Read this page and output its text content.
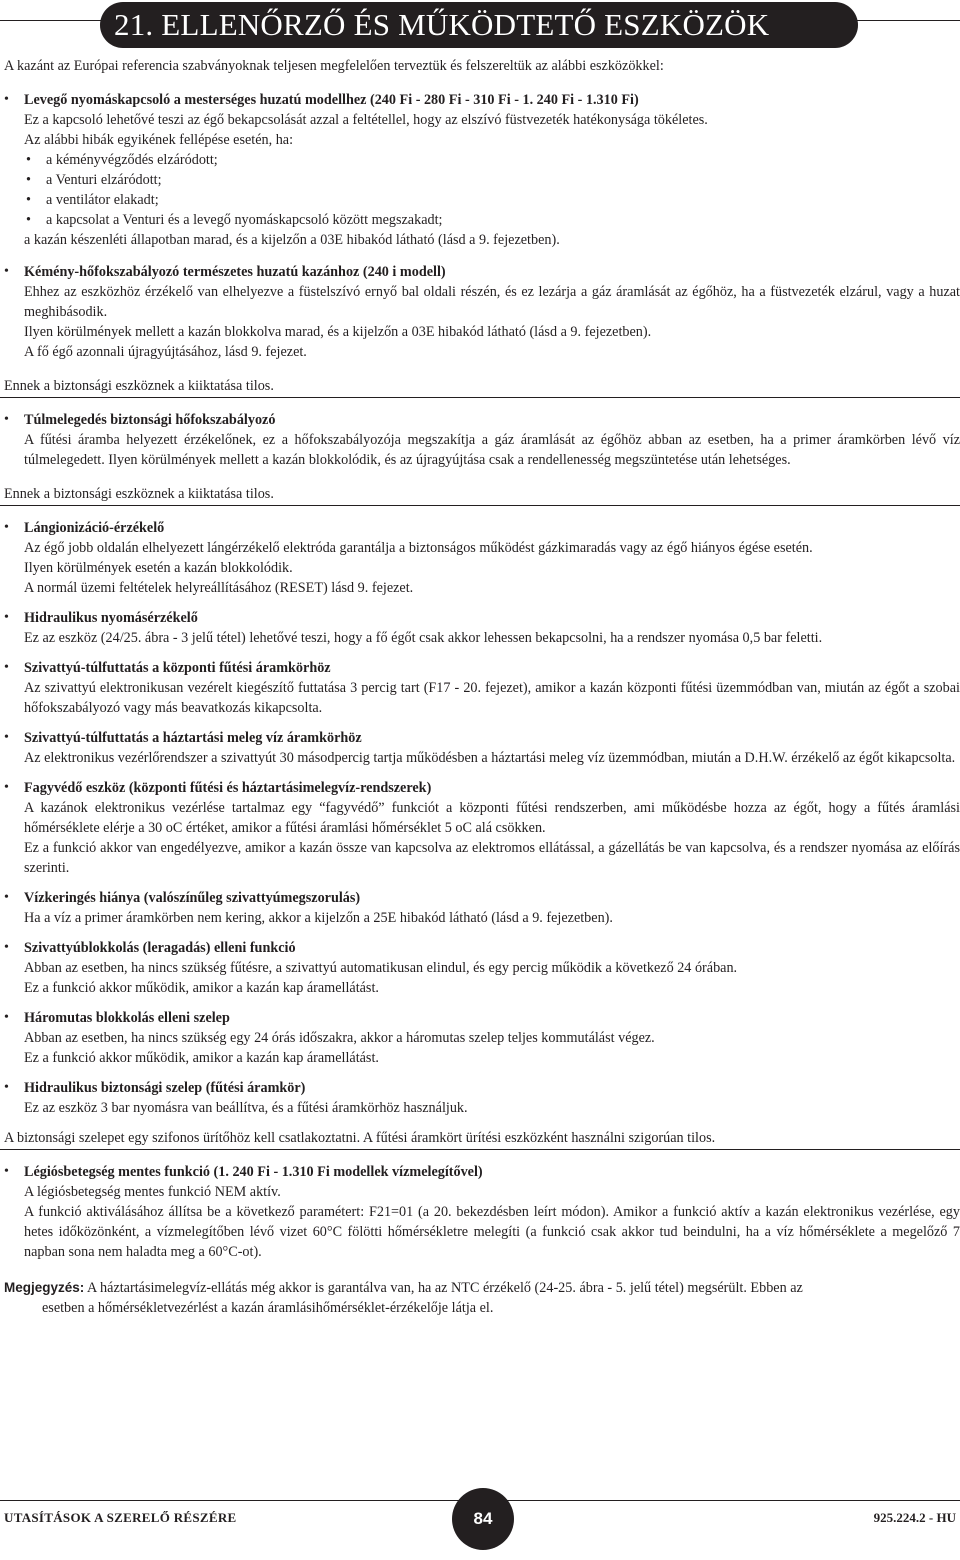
21. ELLENŐRZŐ ÉS MŰKÖDTETŐ ESZKÖZÖK
A kazánt az Európai referencia szabványoknak teljesen megfelelően terveztük és felszereltük az alábbi eszközökkel:
• Levegő nyomáskapcsoló a mesterséges huzatú modellhez (240 Fi - 280 Fi - 310 Fi - 1. 240 Fi - 1.310 Fi)

Ez a kapcsoló lehetővé teszi az égő bekapcsolását azzal a feltétellel, hogy az elszívó füstvezeték hatékonysága tökéletes.

Az alábbi hibák egyikének fellépése esetén, ha:

• a kéményvégződés elzáródott;
• a Venturi elzáródott;
• a ventilátor elakadt;
• a kapcsolat a Venturi és a levegő nyomáskapcsoló között megszakadt;

a kazán készenléti állapotban marad, és a kijelzőn a 03E hibakód látható (lásd a 9. fejezetben).

• Kémény-hőfokszabályozó természetes huzatú kazánhoz (240 i modell)

Ehhez az eszközhöz érzékelő van elhelyezve a füstelszívó ernyő bal oldali részén, és ez lezárja a gáz áramlását az égőhöz, ha a füstvezeték elzárul, vagy a huzat meghibásodik.

Ilyen körülmények mellett a kazán blokkolva marad, és a kijelzőn a 03E hibakód látható (lásd a 9. fejezetben).

A fő égő azonnali újragyújtásához, lásd 9. fejezet.

Ennek a biztonsági eszköznek a kiiktatása tilos.
• Túlmelegedés biztonsági hőfokszabályozó

A fűtési áramba helyezett érzékelőnek, ez a hőfokszabályozója megszakítja a gáz áramlását az égőhöz abban az esetben, ha a primer áramkörben lévő víz túlmelegedett. Ilyen körülmények mellett a kazán blokkolódik, és az újragyújtása csak a rendellenesség megszüntetése után lehetséges.

Ennek a biztonsági eszköznek a kiiktatása tilos.
• Lángionizáció-érzékelő

Az égő jobb oldalán elhelyezett lángérzékelő elektróda garantálja a biztonságos működést gázkimaradás vagy az égő hiányos égése esetén.

Ilyen körülmények esetén a kazán blokkolódik.

A normál üzemi feltételek helyreállításához (RESET) lásd 9. fejezet.

• Hidraulikus nyomásérzékelő

Ez az eszköz (24/25. ábra - 3 jelű tétel) lehetővé teszi, hogy a fő égőt csak akkor lehessen bekapcsolni, ha a rendszer nyomása 0,5 bar feletti.

• Szivattyú-túlfuttatás a központi fűtési áramkörhöz

Az szivattyú elektronikusan vezérelt kiegészítő futtatása 3 percig tart (F17 - 20. fejezet), amikor a kazán központi fűtési üzemmódban van, miután az égőt a szobai hőfokszabályozó vagy más beavatkozás kikapcsolta.

• Szivattyú-túlfuttatás a háztartási meleg víz áramkörhöz

Az elektronikus vezérlőrendszer a szivattyút 30 másodpercig tartja működésben a háztartási meleg víz üzemmódban, miután a D.H.W. érzékelő az égőt kikapcsolta.

• Fagyvédő eszköz (központi fűtési és háztartásimelegvíz-rendszerek)

A kazánok elektronikus vezérlése tartalmaz egy “fagyvédő” funkciót a központi fűtési rendszerben, ami működésbe hozza az égőt, hogy a fűtés áramlási hőmérséklete elérje a 30 oC értéket, amikor a fűtési áramlási hőmérséklet 5 oC alá csökken.

Ez a funkció akkor van engedélyezve, amikor a kazán össze van kapcsolva az elektromos ellátással, a gázellátás be van kapcsolva, és a rendszer nyomása az előírás szerinti.

• Vízkeringés hiánya (valószínűleg szivattyúmegszorulás)

Ha a víz a primer áramkörben nem kering, akkor a kijelzőn a 25E hibakód látható (lásd a 9. fejezetben).

• Szivattyúblokkolás (leragadás) elleni funkció

Abban az esetben, ha nincs szükség fűtésre, a szivattyú automatikusan elindul, és egy percig működik a következő 24 órában.

Ez a funkció akkor működik, amikor a kazán kap áramellátást.

• Háromutas blokkolás elleni szelep

Abban az esetben, ha nincs szükség egy 24 órás időszakra, akkor a háromutas szelep teljes kommutálást végez.

Ez a funkció akkor működik, amikor a kazán kap áramellátást.

• Hidraulikus biztonsági szelep (fűtési áramkör)

Ez az eszköz 3 bar nyomásra van beállítva, és a fűtési áramkörhöz használjuk.

A biztonsági szelepet egy szifonos ürítőhöz kell csatlakoztatni. A fűtési áramkört ürítési eszközként használni szigorúan tilos.
• Légiósbetegség mentes funkció (1. 240 Fi - 1.310 Fi modellek vízmelegítővel)

A légiósbetegség mentes funkció NEM aktív.

A funkció aktiválásához állítsa be a következő paramétert: F21=01 (a 20. bekezdésben leírt módon). Amikor a funkció aktív a kazán elektronikus vezérlése, egy hetes időközönként, a vízmelegítőben lévő vizet 60°C fölötti hőmérsékletre melegíti (a funkció csak akkor tud beindulni, ha a víz hőmérséklete a megelőző 7 napban sona nem haladta meg a 60°C-ot).

Megjegyzés: A háztartásimelegvíz-ellátás még akkor is garantálva van, ha az NTC érzékelő (24-25. ábra - 5. jelű tétel) megsérült. Ebben az
esetben a hőmérsékletvezérlést a kazán áramlásihőmérséklet-érzékelője látja el.
UTASÍTÁSOK A SZERELŐ RÉSZÉRE	84	925.224.2 - HU
